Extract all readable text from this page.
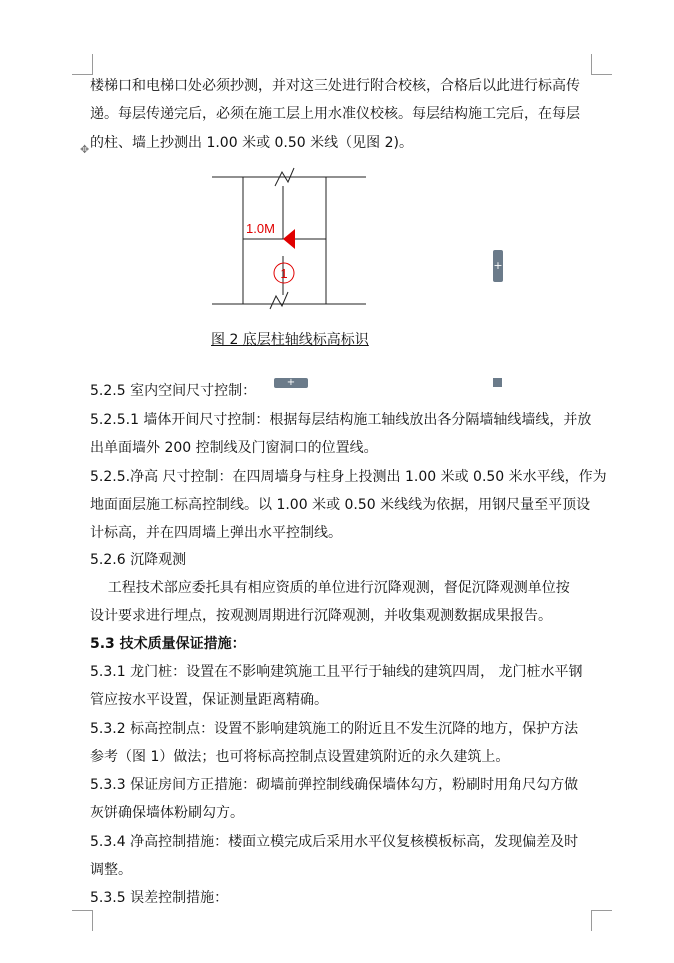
楼梯口和电梯口处必须抄测，并对这三处进行附合校核，合格后以此进行标高传
递。每层传递完后，必须在施工层上用水准仪校核。每层结构施工完后，在每层
的柱、墙上抄测出 1.00 米或 0.50 米线（见图 2)。
✥
1
1.0M
+
图 2 底层柱轴线标高标识
+
5.2.5 室内空间尺寸控制：
5.2.5.1 墙体开间尺寸控制：根据每层结构施工轴线放出各分隔墙轴线墙线，并放
出单面墙外 200 控制线及门窗洞口的位置线。
5.2.5.净高 尺寸控制：在四周墙身与柱身上投测出 1.00 米或 0.50 米水平线，作为
地面面层施工标高控制线。以 1.00 米或 0.50 米线线为依据，用钢尺量至平顶设
计标高，并在四周墙上弹出水平控制线。
5.2.6 沉降观测
工程技术部应委托具有相应资质的单位进行沉降观测，督促沉降观测单位按
设计要求进行埋点，按观测周期进行沉降观测，并收集观测数据成果报告。
5.3 技术质量保证措施：
5.3.1 龙门桩：设置在不影响建筑施工且平行于轴线的建筑四周， 龙门桩水平钢
管应按水平设置，保证测量距离精确。
5.3.2 标高控制点：设置不影响建筑施工的附近且不发生沉降的地方，保护方法
参考（图 1）做法；也可将标高控制点设置建筑附近的永久建筑上。
5.3.3 保证房间方正措施：砌墙前弹控制线确保墙体勾方，粉刷时用角尺勾方做
灰饼确保墙体粉刷勾方。
5.3.4 净高控制措施：楼面立模完成后采用水平仪复核模板标高，发现偏差及时
调整。
5.3.5 误差控制措施：
